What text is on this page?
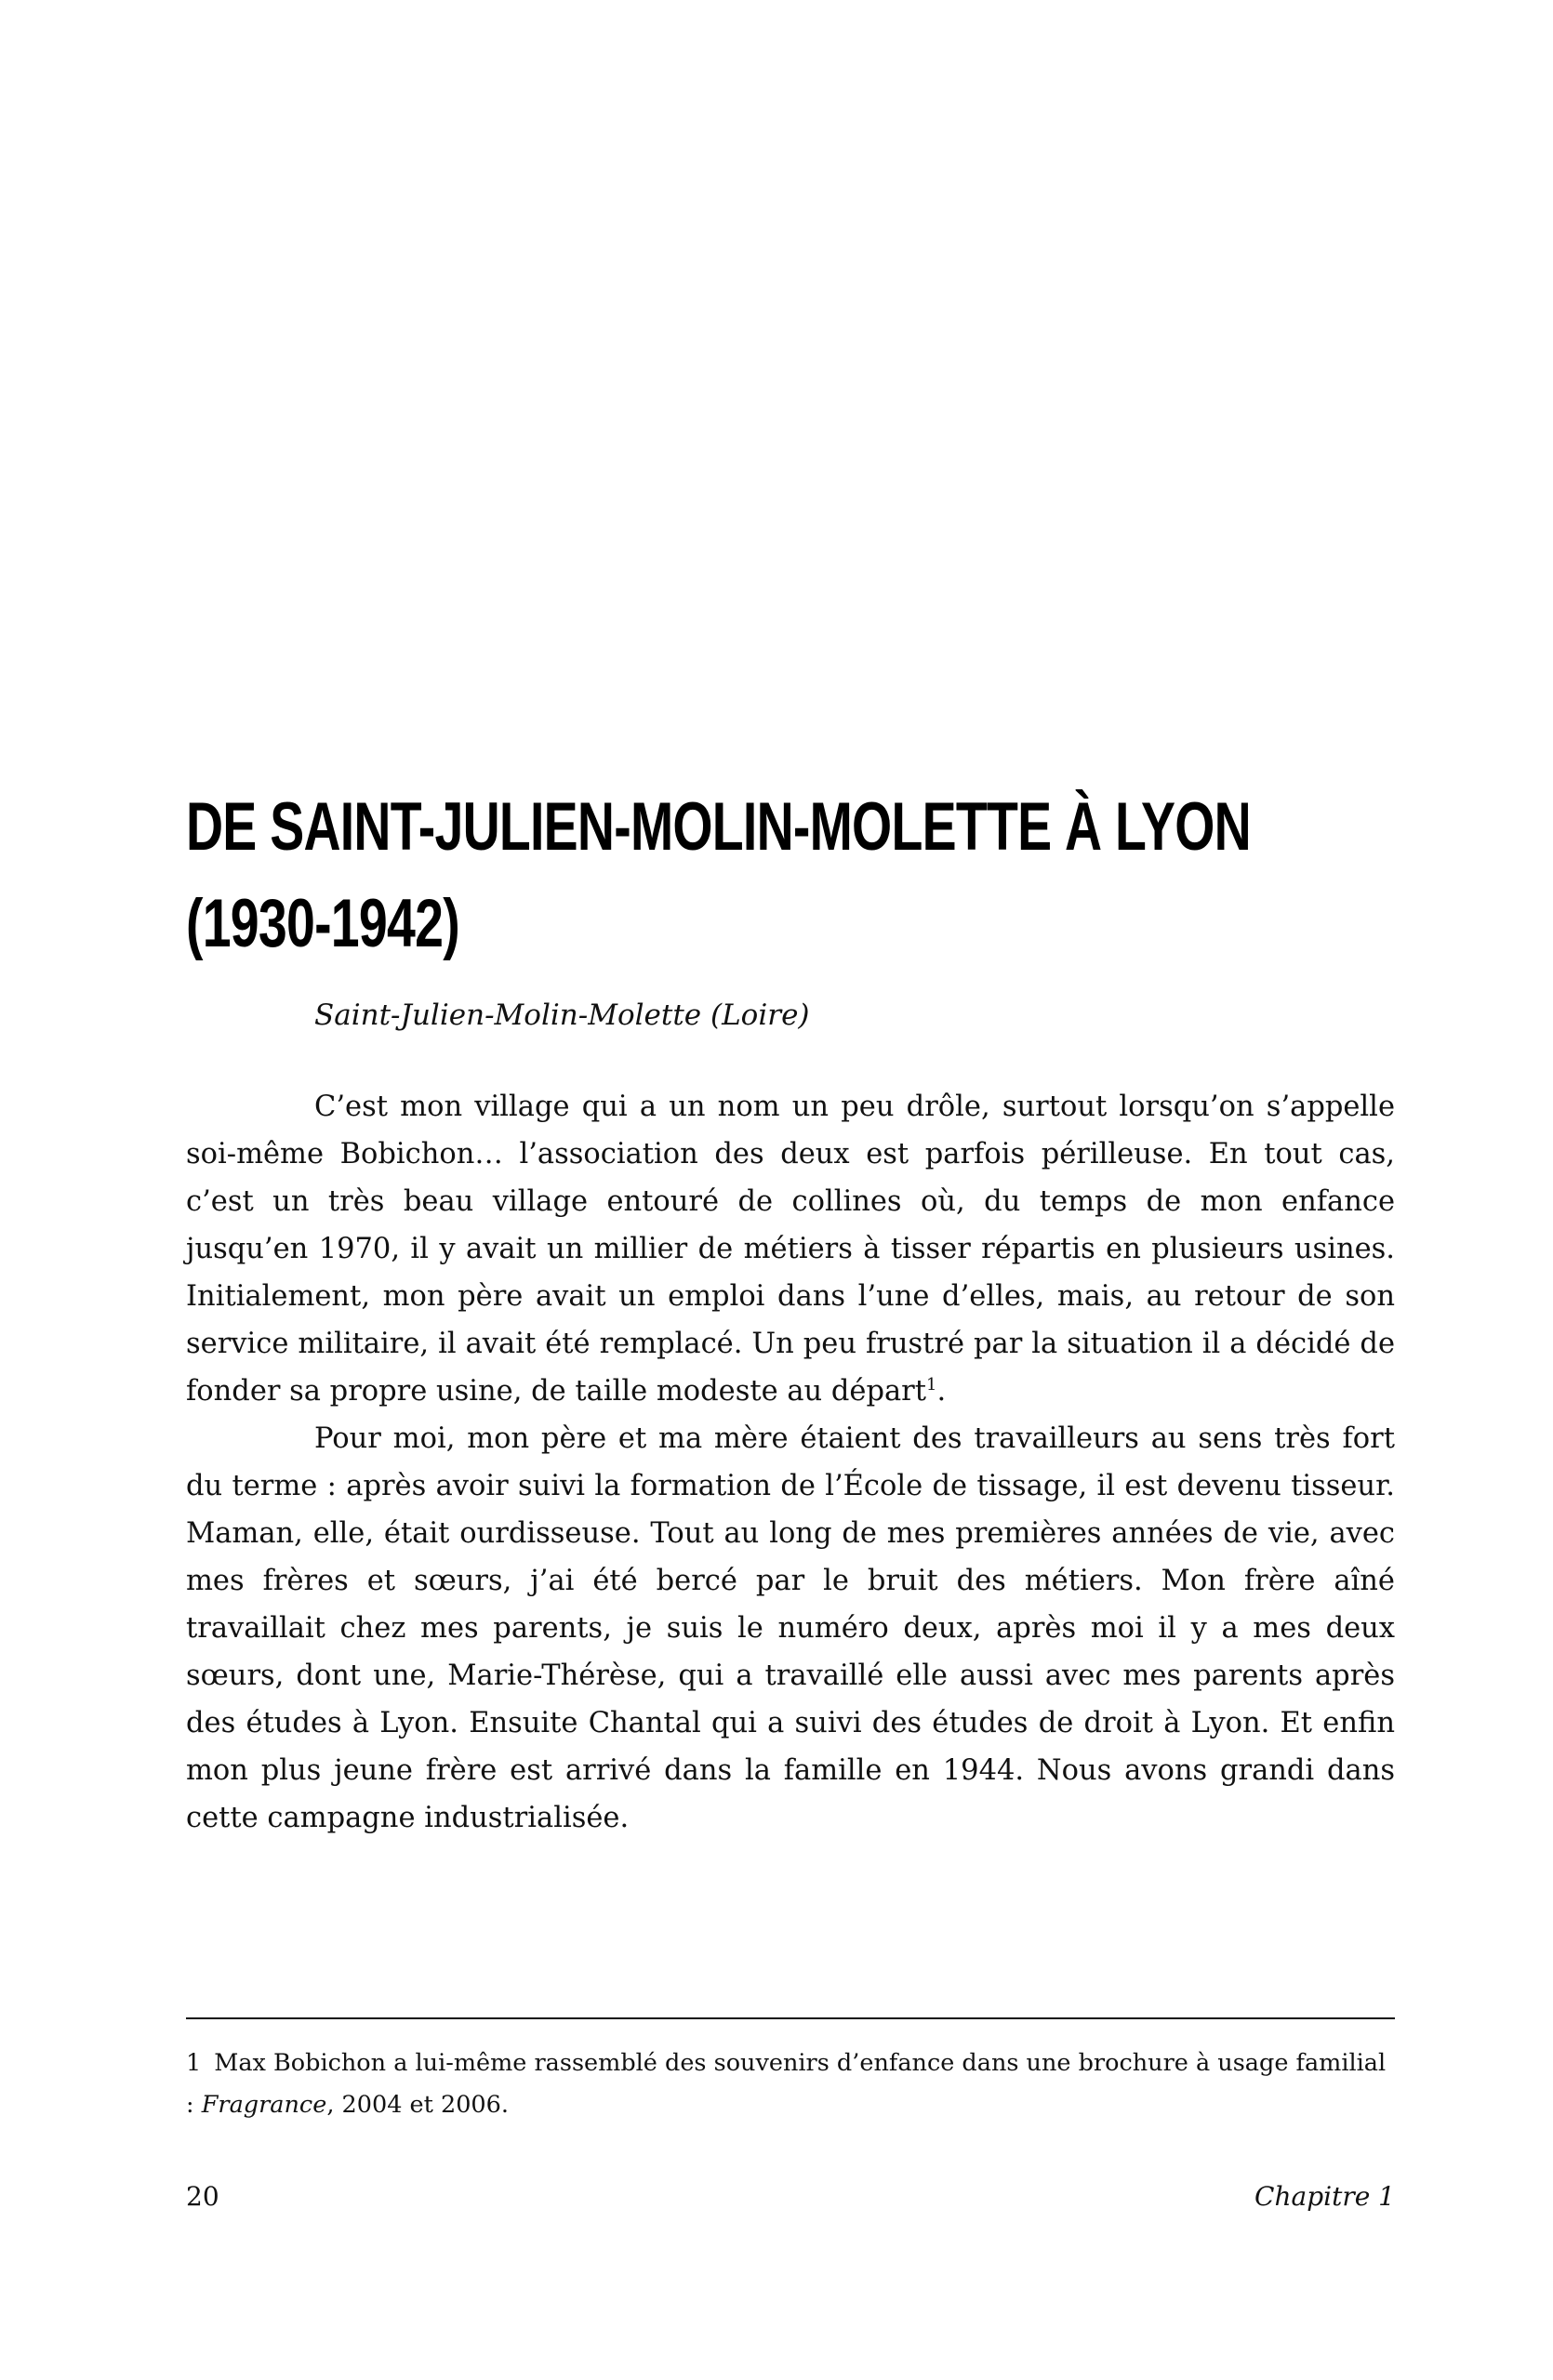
DE SAINT-JULIEN-MOLIN-MOLETTE À LYON
(1930-1942)

Saint-Julien-Molin-Molette (Loire)

C’est mon village qui a un nom un peu drôle, surtout lorsqu’on s’appelle soi-même Bobichon… l’association des deux est parfois périlleuse. En tout cas, c’est un très beau village entouré de collines où, du temps de mon enfance jusqu’en 1970, il y avait un millier de métiers à tisser répartis en plusieurs usines. Initialement, mon père avait un emploi dans l’une d’elles, mais, au retour de son service militaire, il avait été remplacé. Un peu frustré par la situation il a décidé de fonder sa propre usine, de taille modeste au départ$^1$.

Pour moi, mon père et ma mère étaient des travailleurs au sens très fort du terme : après avoir suivi la formation de l’École de tissage, il est devenu tisseur. Maman, elle, était ourdisseuse. Tout au long de mes premières années de vie, avec mes frères et sœurs, j’ai été bercé par le bruit des métiers. Mon frère aîné travaillait chez mes parents, je suis le numéro deux, après moi il y a mes deux sœurs, dont une, Marie-Thérèse, qui a travaillé elle aussi avec mes parents après des études à Lyon. Ensuite Chantal qui a suivi des études de droit à Lyon. Et enfin mon plus jeune frère est arrivé dans la famille en 1944. Nous avons grandi dans cette campagne industrialisée.

1 Max Bobichon a lui-même rassemblé des souvenirs d’enfance dans une brochure à usage familial : Fragrance, 2004 et 2006.
20	Chapitre 1
